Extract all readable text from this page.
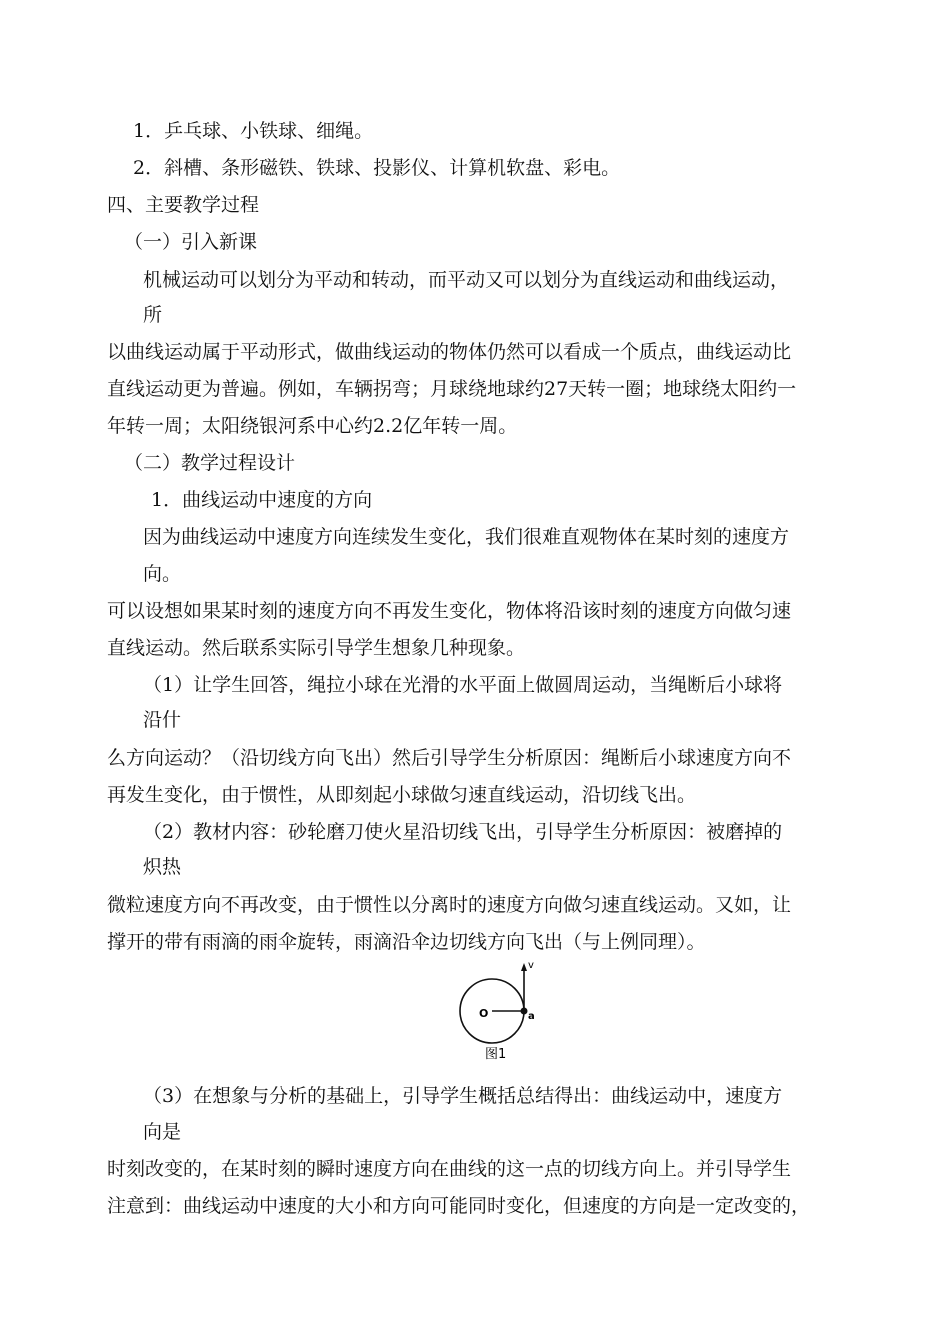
1．乒乓球、小铁球、细绳。

2．斜槽、条形磁铁、铁球、投影仪、计算机软盘、彩电。

四、主要教学过程

（一）引入新课

机械运动可以划分为平动和转动，而平动又可以划分为直线运动和曲线运动，

所

以曲线运动属于平动形式，做曲线运动的物体仍然可以看成一个质点，曲线运动比

直线运动更为普遍。例如，车辆拐弯；月球绕地球约27天转一圈；地球绕太阳约一

年转一周；太阳绕银河系中心约2.2亿年转一周。

（二）教学过程设计

1．曲线运动中速度的方向

因为曲线运动中速度方向连续发生变化，我们很难直观物体在某时刻的速度方

向。

可以设想如果某时刻的速度方向不再发生变化，物体将沿该时刻的速度方向做匀速

直线运动。然后联系实际引导学生想象几种现象。

（1）让学生回答，绳拉小球在光滑的水平面上做圆周运动，当绳断后小球将

沿什

么方向运动？（沿切线方向飞出）然后引导学生分析原因：绳断后小球速度方向不

再发生变化，由于惯性，从即刻起小球做匀速直线运动，沿切线飞出。

（2）教材内容：砂轮磨刀使火星沿切线飞出，引导学生分析原因：被磨掉的

炽热

微粒速度方向不再改变，由于惯性以分离时的速度方向做匀速直线运动。又如，让

撑开的带有雨滴的雨伞旋转，雨滴沿伞边切线方向飞出（与上例同理）。

v
O	a
图1

（3）在想象与分析的基础上，引导学生概括总结得出：曲线运动中，速度方

向是

时刻改变的，在某时刻的瞬时速度方向在曲线的这一点的切线方向上。并引导学生

注意到：曲线运动中速度的大小和方向可能同时变化，但速度的方向是一定改变的，
